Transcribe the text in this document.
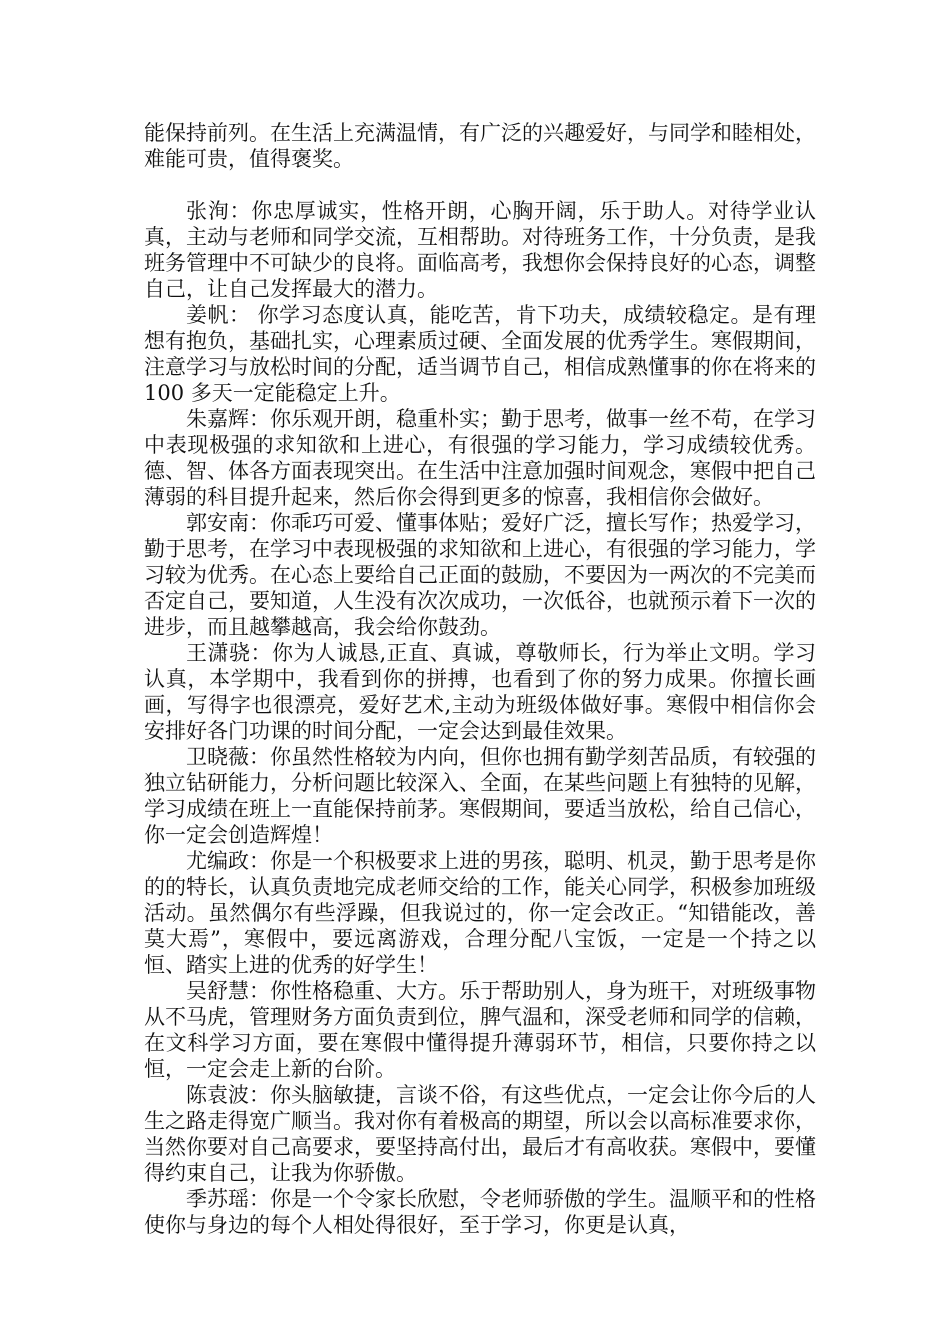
能保持前列。在生活上充满温情，有广泛的兴趣爱好，与同学和睦相处，难能可贵，值得褒奖。

张洵：你忠厚诚实，性格开朗，心胸开阔，乐于助人。对待学业认真，主动与老师和同学交流，互相帮助。对待班务工作，十分负责，是我班务管理中不可缺少的良将。面临高考，我想你会保持良好的心态，调整自己，让自己发挥最大的潜力。

姜帆： 你学习态度认真，能吃苦，肯下功夫，成绩较稳定。是有理想有抱负，基础扎实，心理素质过硬、全面发展的优秀学生。寒假期间，注意学习与放松时间的分配，适当调节自己，相信成熟懂事的你在将来的 100 多天一定能稳定上升。

朱嘉辉：你乐观开朗，稳重朴实；勤于思考，做事一丝不苟，在学习中表现极强的求知欲和上进心，有很强的学习能力，学习成绩较优秀。德、智、体各方面表现突出。在生活中注意加强时间观念，寒假中把自己薄弱的科目提升起来，然后你会得到更多的惊喜，我相信你会做好。

郭安南：你乖巧可爱、懂事体贴；爱好广泛，擅长写作；热爱学习，勤于思考，在学习中表现极强的求知欲和上进心，有很强的学习能力，学习较为优秀。在心态上要给自己正面的鼓励，不要因为一两次的不完美而否定自己，要知道，人生没有次次成功，一次低谷，也就预示着下一次的进步，而且越攀越高，我会给你鼓劲。

王潇骁：你为人诚恳,正直、真诚，尊敬师长，行为举止文明。学习认真，本学期中，我看到你的拼搏，也看到了你的努力成果。你擅长画画，写得字也很漂亮，爱好艺术,主动为班级体做好事。寒假中相信你会安排好各门功课的时间分配，一定会达到最佳效果。

卫晓薇：你虽然性格较为内向，但你也拥有勤学刻苦品质，有较强的独立钻研能力，分析问题比较深入、全面，在某些问题上有独特的见解，学习成绩在班上一直能保持前茅。寒假期间，要适当放松，给自己信心，你一定会创造辉煌！

尤编政：你是一个积极要求上进的男孩，聪明、机灵，勤于思考是你的的特长，认真负责地完成老师交给的工作，能关心同学，积极参加班级活动。虽然偶尔有些浮躁，但我说过的，你一定会改正。“知错能改，善莫大焉”，寒假中，要远离游戏，合理分配八宝饭，一定是一个持之以恒、踏实上进的优秀的好学生！

吴舒慧：你性格稳重、大方。乐于帮助别人，身为班干，对班级事物从不马虎，管理财务方面负责到位，脾气温和，深受老师和同学的信赖，在文科学习方面，要在寒假中懂得提升薄弱环节，相信，只要你持之以恒，一定会走上新的台阶。

陈袁波：你头脑敏捷，言谈不俗，有这些优点，一定会让你今后的人生之路走得宽广顺当。我对你有着极高的期望，所以会以高标准要求你，当然你要对自己高要求，要坚持高付出，最后才有高收获。寒假中，要懂得约束自己，让我为你骄傲。

季苏瑶：你是一个令家长欣慰，令老师骄傲的学生。温顺平和的性格使你与身边的每个人相处得很好，至于学习，你更是认真，
